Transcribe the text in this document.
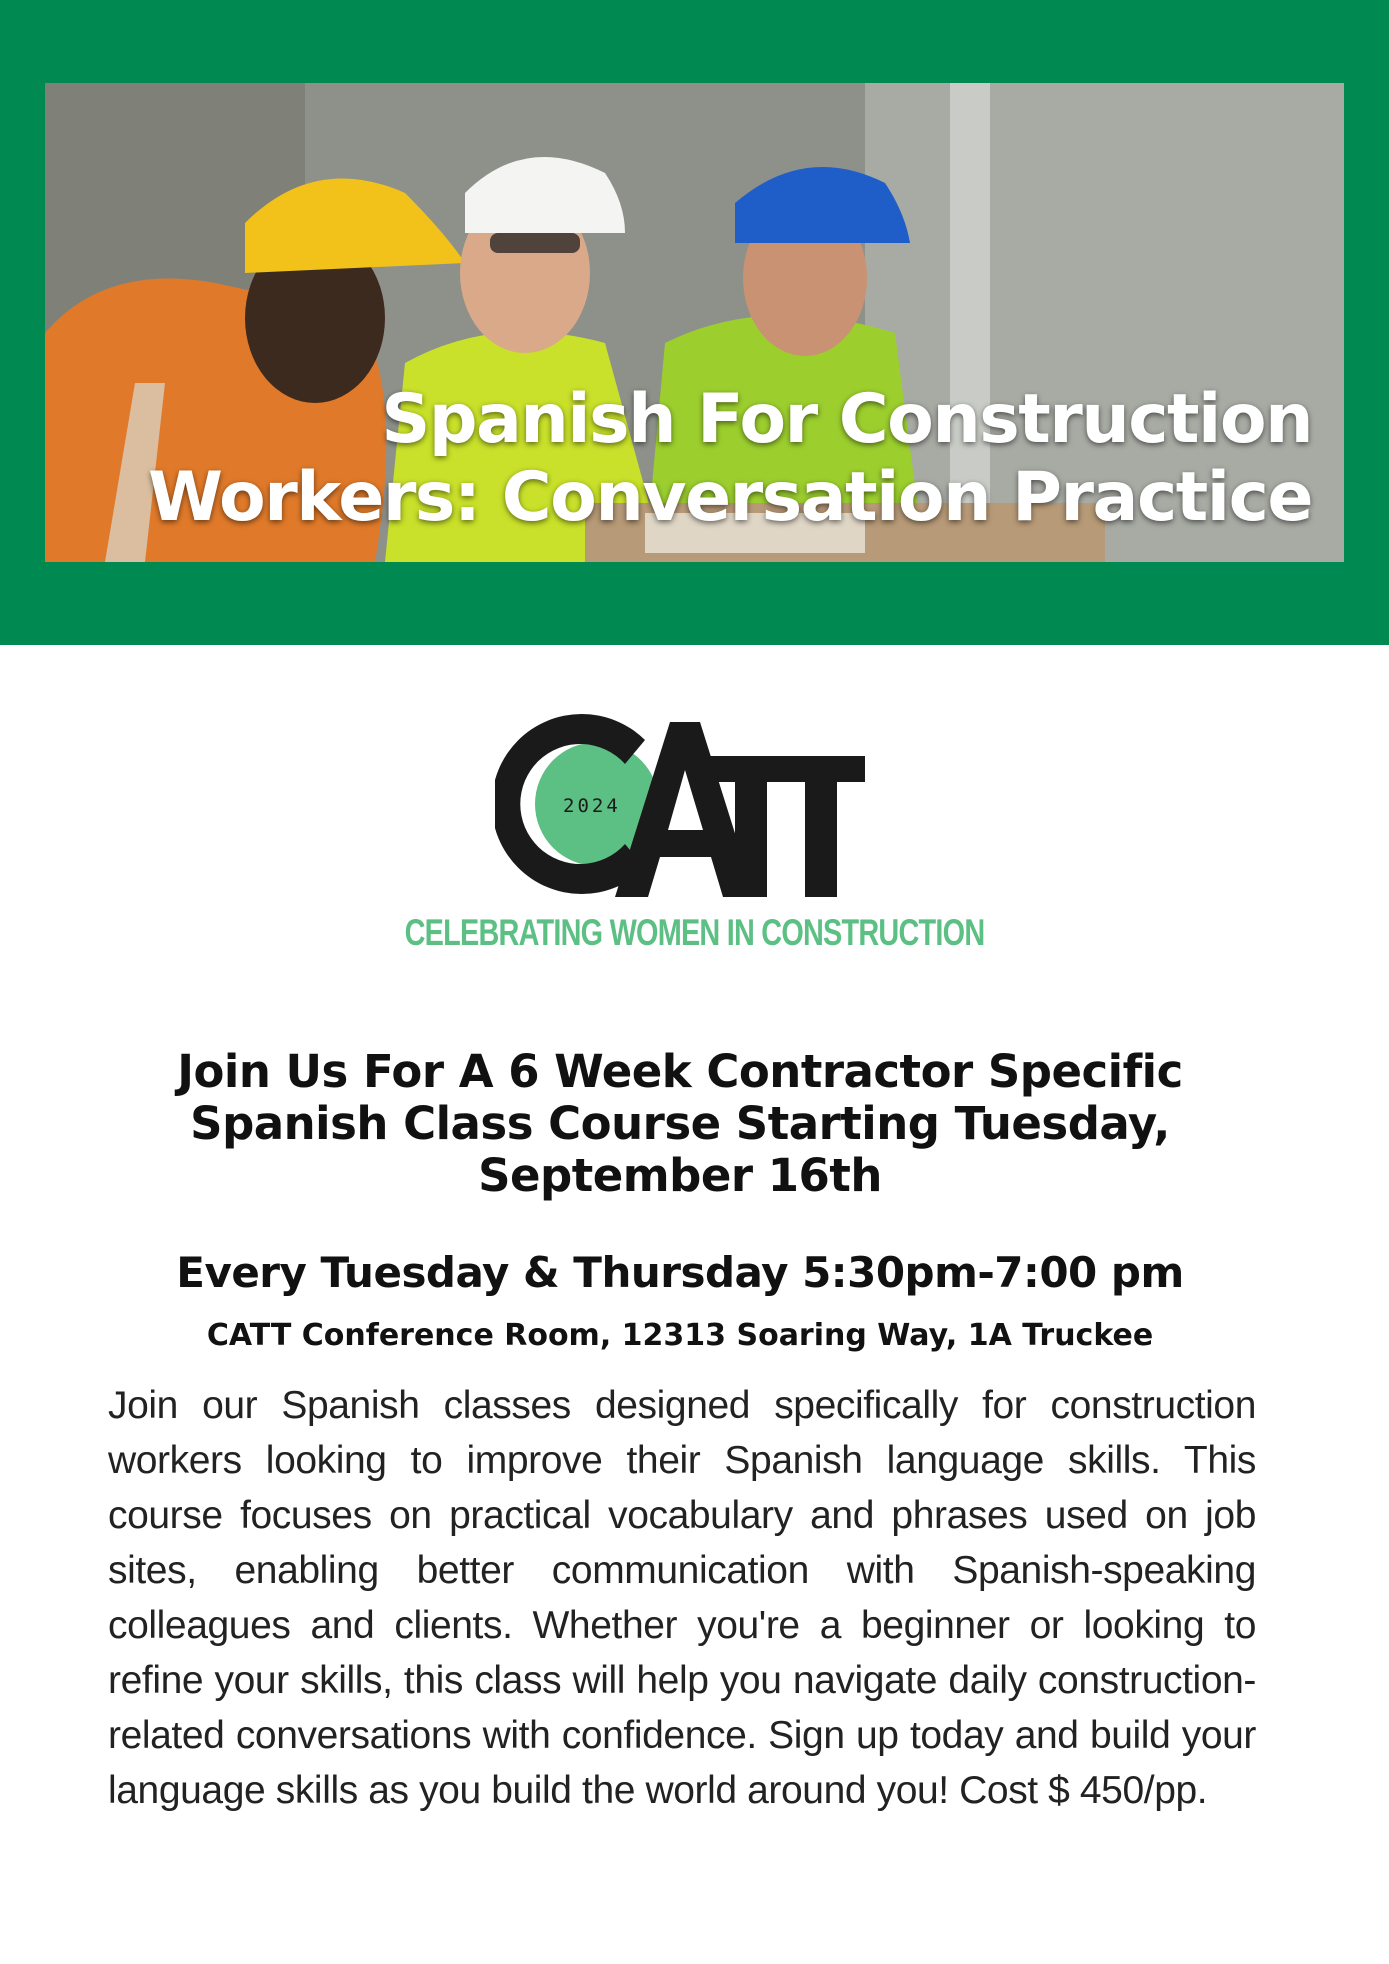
Spanish For Construction
Workers: Conversation Practice
2024
CELEBRATING WOMEN IN CONSTRUCTION
Join Us For A 6 Week Contractor Specific
Spanish Class Course Starting Tuesday,
September 16th
Every Tuesday & Thursday 5:30pm-7:00 pm
CATT Conference Room, 12313 Soaring Way, 1A Truckee
Join our Spanish classes designed specifically for construction workers looking to improve their Spanish language skills. This course focuses on practical vocabulary and phrases used on job sites, enabling better communication with Spanish-speaking colleagues and clients. Whether you're a beginner or looking to refine your skills, this class will help you navigate daily construction-related conversations with confidence. Sign up today and build your language skills as you build the world around you! Cost $ 450/pp.
